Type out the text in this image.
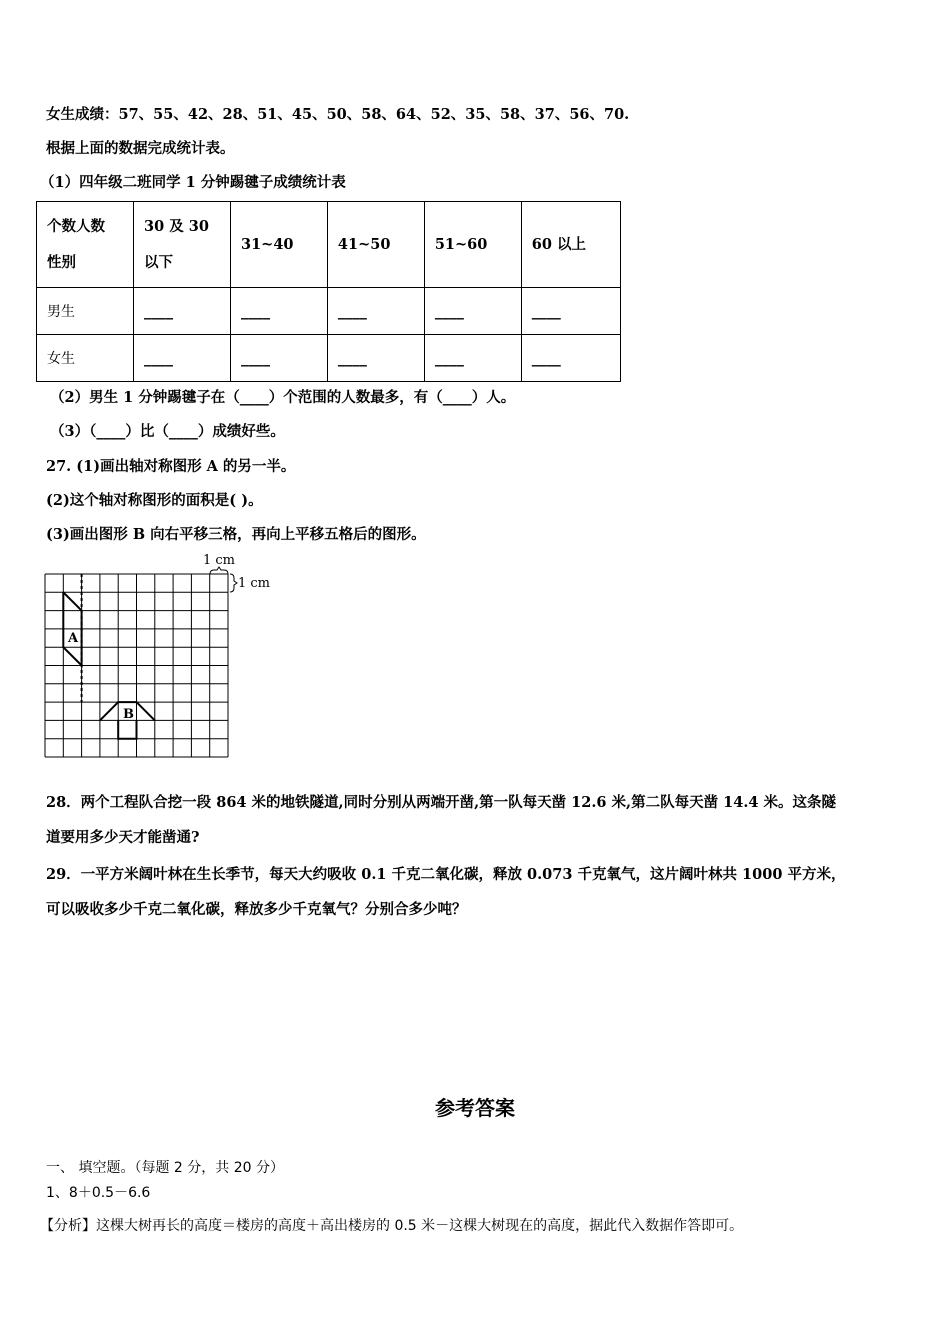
女生成绩：57、55、42、28、51、45、50、58、64、52、35、58、37、56、70.
根据上面的数据完成统计表。
（1）四年级二班同学 1 分钟踢毽子成绩统计表
个数人数
性别	30 及 30 以下	31~40	41~50	51~60	60 以上
男生	____	____	____	____	____
女生	____	____	____	____	____
（2）男生 1 分钟踢毽子在（____）个范围的人数最多，有（____）人。
（3）（____）比（____）成绩好些。
27. (1)画出轴对称图形 A 的另一半。
(2)这个轴对称图形的面积是( )。
(3)画出图形 B 向右平移三格，再向上平移五格后的图形。
A
B
1 cm
1 cm
28．两个工程队合挖一段 864 米的地铁隧道,同时分别从两端开凿,第一队每天凿 12.6 米,第二队每天凿 14.4 米。这条隧
道要用多少天才能凿通?
29．一平方米阔叶林在生长季节，每天大约吸收 0.1 千克二氧化碳，释放 0.073 千克氧气，这片阔叶林共 1000 平方米，
可以吸收多少千克二氧化碳，释放多少千克氧气？分别合多少吨？
参考答案
一、 填空题。（每题 2 分，共 20 分）
1、8＋0.5－6.6
【分析】这棵大树再长的高度＝楼房的高度＋高出楼房的 0.5 米－这棵大树现在的高度，据此代入数据作答即可。
